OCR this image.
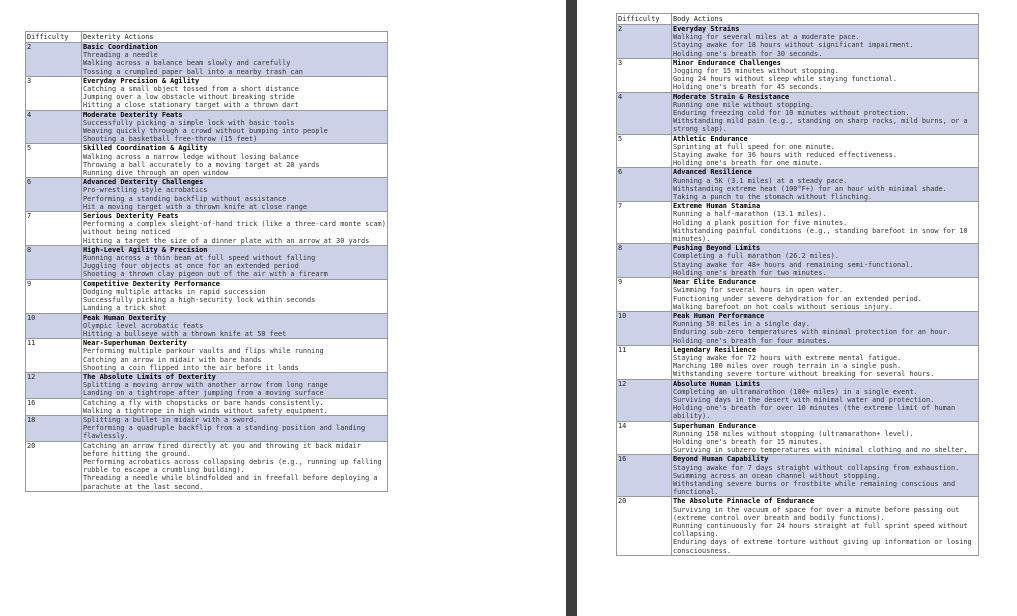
Difficulty	Dexterity Actions
2	Basic Coordination
Threading a needle
Walking across a balance beam slowly and carefully
Tossing a crumpled paper ball into a nearby trash can

3	Everyday Precision & Agility
Catching a small object tossed from a short distance
Jumping over a low obstacle without breaking stride
Hitting a close stationary target with a thrown dart

4	Moderate Dexterity Feats
Successfully picking a simple lock with basic tools
Weaving quickly through a crowd without bumping into people
Shooting a basketball free-throw (15 feet)

5	Skilled Coordination & Agility
Walking across a narrow ledge without losing balance
Throwing a ball accurately to a moving target at 20 yards
Running dive through an open window

6	Advanced Dexterity Challenges
Pro-wrestling style acrobatics
Performing a standing backflip without assistance
Hit a moving target with a thrown knife at close range

7	Serious Dexterity Feats
Performing a complex sleight-of-hand trick (like a three-card monte scam) without being noticed
Hitting a target the size of a dinner plate with an arrow at 30 yards

8	High-Level Agility & Precision
Running across a thin beam at full speed without falling
Juggling four objects at once for an extended period
Shooting a thrown clay pigeon out of the air with a firearm

9	Competitive Dexterity Performance
Dodging multiple attacks in rapid succession
Successfully picking a high-security lock within seconds
Landing a trick shot

10	Peak Human Dexterity
Olympic level acrobatic feats
Hitting a bullseye with a thrown knife at 50 feet

11	Near-Superhuman Dexterity
Performing multiple parkour vaults and flips while running
Catching an arrow in midair with bare hands
Shooting a coin flipped into the air before it lands

12	The Absolute Limits of Dexterity
Splitting a moving arrow with another arrow from long range
Landing on a tightrope after jumping from a moving surface

16	Catching a fly with chopsticks or bare hands consistently.
Walking a tightrope in high winds without safety equipment.

18	Splitting a bullet in midair with a sword.
Performing a quadruple backflip from a standing position and landing flawlessly.

20	Catching an arrow fired directly at you and throwing it back midair before hitting the ground.
Performing acrobatics across collapsing debris (e.g., running up falling rubble to escape a crumbling building).
Threading a needle while blindfolded and in freefall before deploying a parachute at the last second.
Difficulty	Body Actions
2	Everyday Strains
Walking for several miles at a moderate pace.
Staying awake for 18 hours without significant impairment.
Holding one's breath for 30 seconds.

3	Minor Endurance Challenges
Jogging for 15 minutes without stopping.
Going 24 hours without sleep while staying functional.
Holding one's breath for 45 seconds.

4	Moderate Strain & Resistance
Running one mile without stopping.
Enduring freezing cold for 10 minutes without protection.
Withstanding mild pain (e.g., standing on sharp rocks, mild burns, or a strong slap).

5	Athletic Endurance
Sprinting at full speed for one minute.
Staying awake for 36 hours with reduced effectiveness.
Holding one's breath for one minute.

6	Advanced Resilience
Running a 5K (3.1 miles) at a steady pace.
Withstanding extreme heat (100°F+) for an hour with minimal shade.
Taking a punch to the stomach without flinching.

7	Extreme Human Stamina
Running a half-marathon (13.1 miles).
Holding a plank position for five minutes.
Withstanding painful conditions (e.g., standing barefoot in snow for 10 minutes).

8	Pushing Beyond Limits
Completing a full marathon (26.2 miles).
Staying awake for 48+ hours and remaining semi-functional.
Holding one's breath for two minutes.

9	Near Elite Endurance
Swimming for several hours in open water.
Functioning under severe dehydration for an extended period.
Walking barefoot on hot coals without serious injury.

10	Peak Human Performance
Running 50 miles in a single day.
Enduring sub-zero temperatures with minimal protection for an hour.
Holding one's breath for four minutes.

11	Legendary Resilience
Staying awake for 72 hours with extreme mental fatigue.
Marching 100 miles over rough terrain in a single push.
Withstanding severe torture without breaking for several hours.

12	Absolute Human Limits
Completing an ultramarathon (100+ miles) in a single event.
Surviving days in the desert with minimal water and protection.
Holding one's breath for over 10 minutes (the extreme limit of human ability).

14	Superhuman Endurance
Running 150 miles without stopping (ultramarathon+ level).
Holding one's breath for 15 minutes.
Surviving in subzero temperatures with minimal clothing and no shelter.

16	Beyond Human Capability
Staying awake for 7 days straight without collapsing from exhaustion.
Swimming across an ocean channel without stopping.
Withstanding severe burns or frostbite while remaining conscious and functional.

20	The Absolute Pinnacle of Endurance
Surviving in the vacuum of space for over a minute before passing out (extreme control over breath and bodily functions).
Running continuously for 24 hours straight at full sprint speed without collapsing.
Enduring days of extreme torture without giving up information or losing consciousness.
